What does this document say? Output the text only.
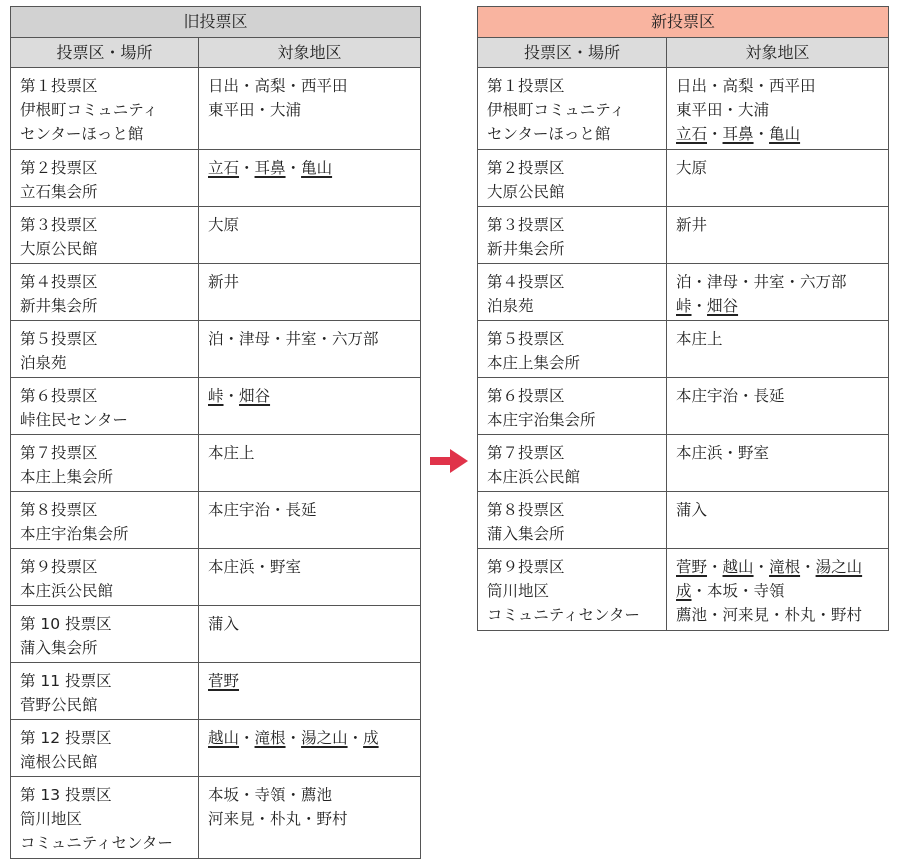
旧投票区	
投票区・場所	対象地区

第１投票区
伊根町コミュニティ
センターほっと館	日出・高梨・西平田
東平田・大浦

第２投票区
立石集会所	立石・耳鼻・亀山

第３投票区
大原公民館	大原

第４投票区
新井集会所	新井

第５投票区
泊泉苑	泊・津母・井室・六万部

第６投票区
峠住民センター	峠・畑谷

第７投票区
本庄上集会所	本庄上

第８投票区
本庄宇治集会所	本庄宇治・長延

第９投票区
本庄浜公民館	本庄浜・野室

第 10 投票区
蒲入集会所	蒲入

第 11 投票区
菅野公民館	菅野

第 12 投票区
滝根公民館	越山・滝根・湯之山・成

第 13 投票区
筒川地区
コミュニティセンター	本坂・寺領・薦池
河来見・朴丸・野村
新投票区	
投票区・場所	対象地区

第１投票区
伊根町コミュニティ
センターほっと館	日出・高梨・西平田
東平田・大浦
立石・耳鼻・亀山

第２投票区
大原公民館	大原

第３投票区
新井集会所	新井

第４投票区
泊泉苑	泊・津母・井室・六万部
峠・畑谷

第５投票区
本庄上集会所	本庄上

第６投票区
本庄宇治集会所	本庄宇治・長延

第７投票区
本庄浜公民館	本庄浜・野室

第８投票区
蒲入集会所	蒲入

第９投票区
筒川地区
コミュニティセンター	菅野・越山・滝根・湯之山
成・本坂・寺領
薦池・河来見・朴丸・野村
